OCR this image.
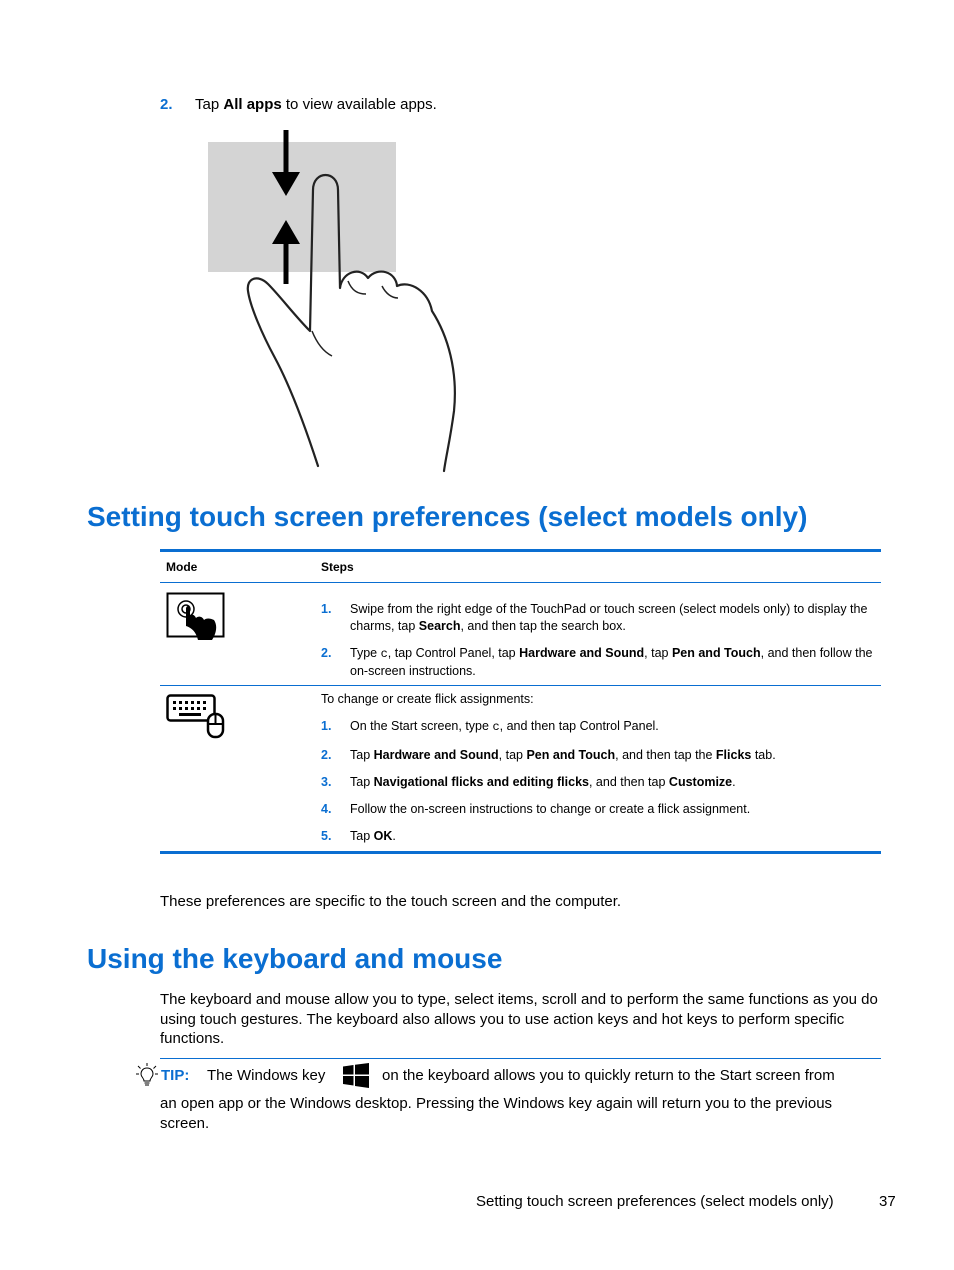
2. Tap All apps to view available apps.
Setting touch screen preferences (select models only)
Mode	Steps
1. Swipe from the right edge of the TouchPad or touch screen (select models only) to display the charms, tap Search, and then tap the search box.
2. Type c, tap Control Panel, tap Hardware and Sound, tap Pen and Touch, and then follow the on-screen instructions.
To change or create flick assignments:
1. On the Start screen, type c, and then tap Control Panel.
2. Tap Hardware and Sound, tap Pen and Touch, and then tap the Flicks tab.
3. Tap Navigational flicks and editing flicks, and then tap Customize.
4. Follow the on-screen instructions to change or create a flick assignment.
5. Tap OK.
These preferences are specific to the touch screen and the computer.
Using the keyboard and mouse
The keyboard and mouse allow you to type, select items, scroll and to perform the same functions as you do using touch gestures. The keyboard also allows you to use action keys and hot keys to perform specific functions.
TIP: The Windows key	on the keyboard allows you to quickly return to the Start screen from
an open app or the Windows desktop. Pressing the Windows key again will return you to the previous screen.
Setting touch screen preferences (select models only)	37
